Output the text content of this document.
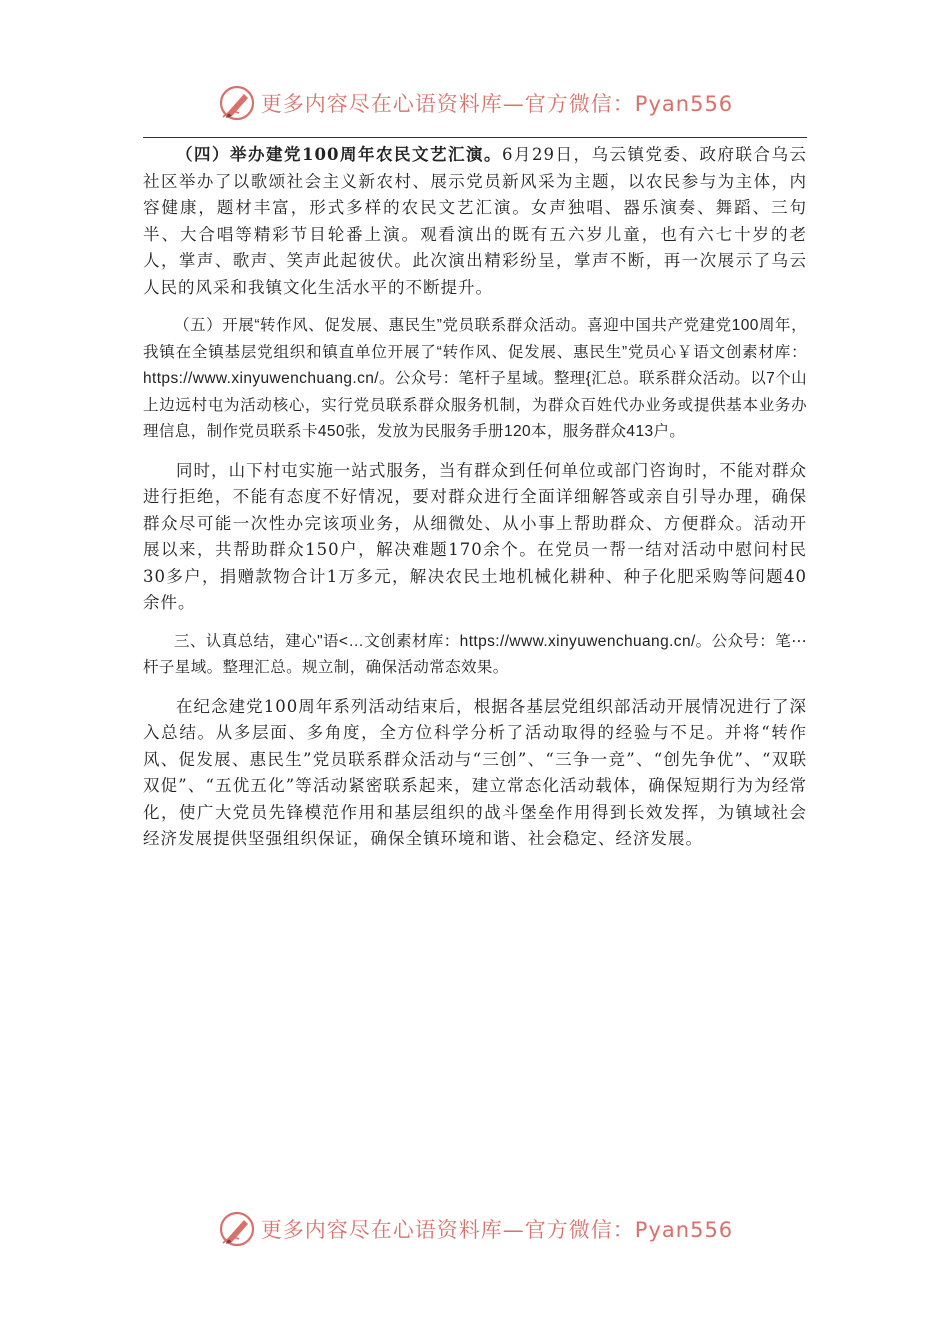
更多内容尽在心语资料库—官方微信：Pyan556

（四）举办建党100周年农民文艺汇演。6月29日，乌云镇党委、政府联合乌云社区举办了以歌颂社会主义新农村、展示党员新风采为主题，以农民参与为主体，内容健康，题材丰富，形式多样的农民文艺汇演。女声独唱、器乐演奏、舞蹈、三句半、大合唱等精彩节目轮番上演。观看演出的既有五六岁儿童，也有六七十岁的老人，掌声、歌声、笑声此起彼伏。此次演出精彩纷呈，掌声不断，再一次展示了乌云人民的风采和我镇文化生活水平的不断提升。

（五）开展“转作风、促发展、惠民生”党员联系群众活动。喜迎中国共产党建党100周年，我镇在全镇基层党组织和镇直单位开展了“转作风、促发展、惠民生”党员心￥语文创素材库：https://www.xinyuwenchuang.cn/。公众号：笔杆子星域。整理{汇总。联系群众活动。以7个山上边远村屯为活动核心，实行党员联系群众服务机制，为群众百姓代办业务或提供基本业务办理信息，制作党员联系卡450张，发放为民服务手册120本，服务群众413户。

同时，山下村屯实施一站式服务，当有群众到任何单位或部门咨询时，不能对群众进行拒绝，不能有态度不好情况，要对群众进行全面详细解答或亲自引导办理，确保群众尽可能一次性办完该项业务，从细微处、从小事上帮助群众、方便群众。活动开展以来，共帮助群众150户，解决难题170余个。在党员一帮一结对活动中慰问村民30多户，捐赠款物合计1万多元，解决农民土地机械化耕种、种子化肥采购等问题40余件。

三、认真总结，建心"语<…文创素材库：https://www.xinyuwenchuang.cn/。公众号：笔⋯杆子星域。整理汇总。规立制，确保活动常态效果。

在纪念建党100周年系列活动结束后，根据各基层党组织部活动开展情况进行了深入总结。从多层面、多角度，全方位科学分析了活动取得的经验与不足。并将“转作风、促发展、惠民生”党员联系群众活动与“三创”、“三争一竞”、“创先争优”、“双联双促”、“五优五化”等活动紧密联系起来，建立常态化活动载体，确保短期行为为经常化，使广大党员先锋模范作用和基层组织的战斗堡垒作用得到长效发挥，为镇域社会经济发展提供坚强组织保证，确保全镇环境和谐、社会稳定、经济发展。

更多内容尽在心语资料库—官方微信：Pyan556
